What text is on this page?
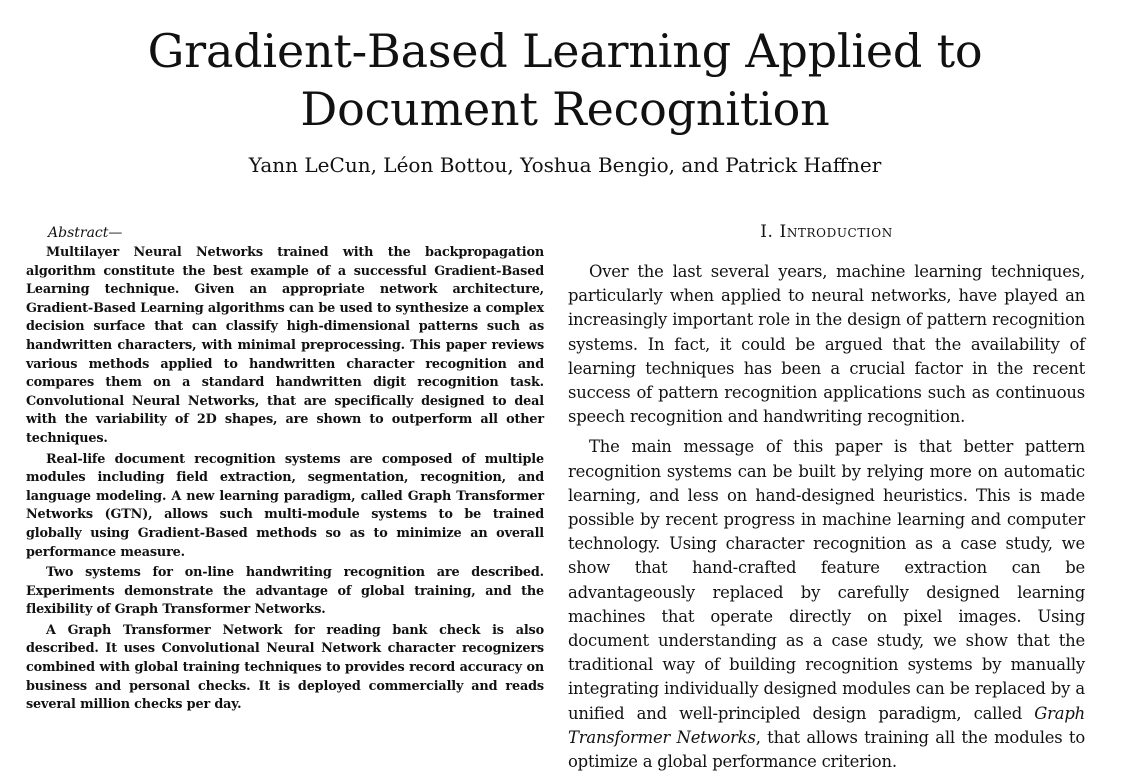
Gradient-Based Learning Applied to Document Recognition
Yann LeCun, Léon Bottou, Yoshua Bengio, and Patrick Haffner
Abstract—

Multilayer Neural Networks trained with the backpropagation algorithm constitute the best example of a successful Gradient-Based Learning technique. Given an appropriate network architecture, Gradient-Based Learning algorithms can be used to synthesize a complex decision surface that can classify high-dimensional patterns such as handwritten characters, with minimal preprocessing. This paper reviews various methods applied to handwritten character recognition and compares them on a standard handwritten digit recognition task. Convolutional Neural Networks, that are specifically designed to deal with the variability of 2D shapes, are shown to outperform all other techniques.

Real-life document recognition systems are composed of multiple modules including field extraction, segmentation, recognition, and language modeling. A new learning paradigm, called Graph Transformer Networks (GTN), allows such multi-module systems to be trained globally using Gradient-Based methods so as to minimize an overall performance measure.

Two systems for on-line handwriting recognition are described. Experiments demonstrate the advantage of global training, and the flexibility of Graph Transformer Networks.

A Graph Transformer Network for reading bank check is also described. It uses Convolutional Neural Network character recognizers combined with global training techniques to provides record accuracy on business and personal checks. It is deployed commercially and reads several million checks per day.

I. Introduction

Over the last several years, machine learning techniques, particularly when applied to neural networks, have played an increasingly important role in the design of pattern recognition systems. In fact, it could be argued that the availability of learning techniques has been a crucial factor in the recent success of pattern recognition applications such as continuous speech recognition and handwriting recognition.

The main message of this paper is that better pattern recognition systems can be built by relying more on automatic learning, and less on hand-designed heuristics. This is made possible by recent progress in machine learning and computer technology. Using character recognition as a case study, we show that hand-crafted feature extraction can be advantageously replaced by carefully designed learning machines that operate directly on pixel images. Using document understanding as a case study, we show that the traditional way of building recognition systems by manually integrating individually designed modules can be replaced by a unified and well-principled design paradigm, called Graph Transformer Networks, that allows training all the modules to optimize a global performance criterion.
